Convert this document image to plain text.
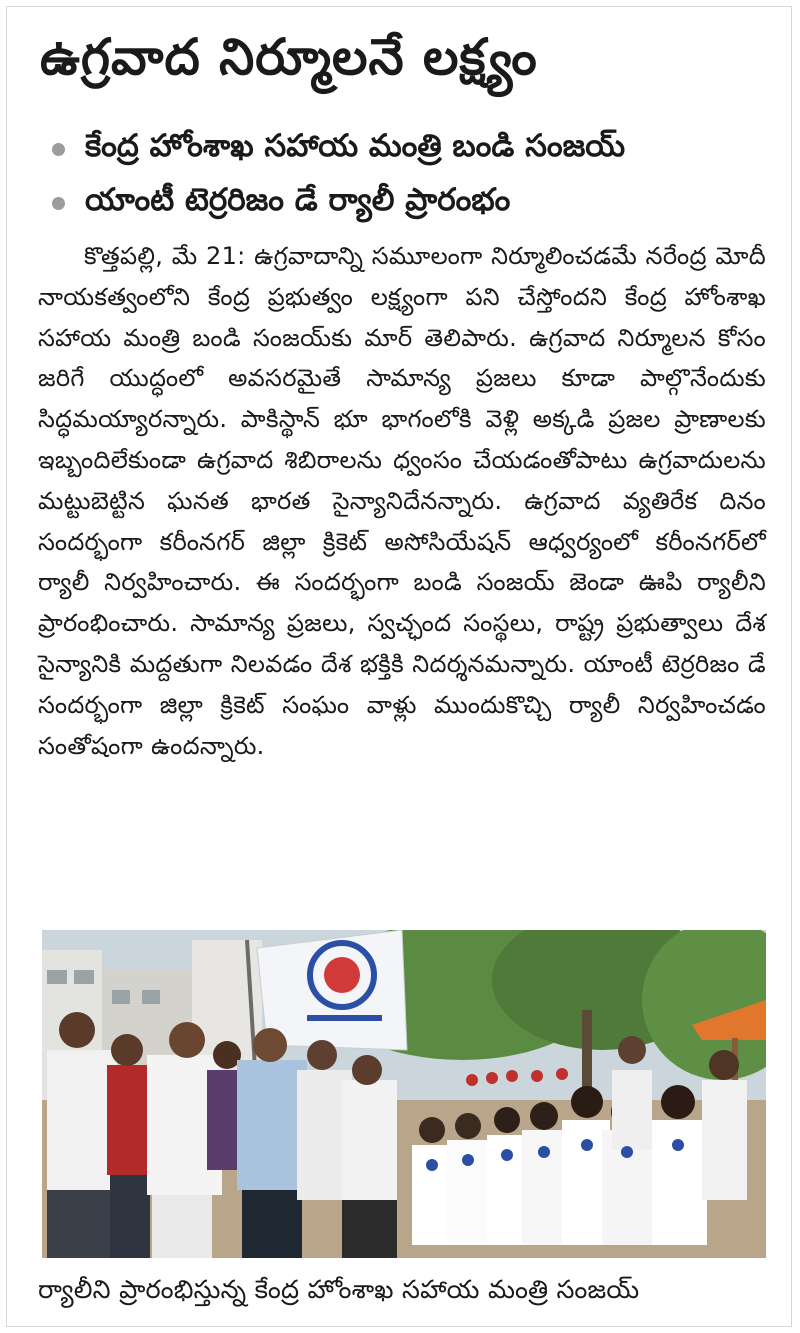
ఉగ్రవాద నిర్మూలనే లక్ష్యం
కేంద్ర హోంశాఖ సహాయ మంత్రి బండి సంజయ్
యాంటీ టెర్రరిజం డే ర్యాలీ ప్రారంభం

కొత్తపల్లి, మే 21: ఉగ్రవాదాన్ని సమూలంగా నిర్మూలించడమే నరేంద్ర మోదీ నాయకత్వంలోని కేంద్ర ప్రభుత్వం లక్ష్యంగా పని చేస్తోందని కేంద్ర హోంశాఖ సహాయ మంత్రి బండి సంజయ్‌కు మార్ తెలిపారు. ఉగ్రవాద నిర్మూలన కోసం జరిగే యుద్ధంలో అవసరమైతే సామాన్య ప్రజలు కూడా పాల్గొనేందుకు సిద్ధమయ్యారన్నారు. పాకిస్థాన్ భూ భాగంలోకి వెళ్లి అక్కడి ప్రజల ప్రాణాలకు ఇబ్బందిలేకుండా ఉగ్రవాద శిబిరాలను ధ్వంసం చేయడంతోపాటు ఉగ్రవాదులను మట్టుబెట్టిన ఘనత భారత సైన్యానిదేనన్నారు. ఉగ్రవాద వ్యతిరేక దినం సందర్భంగా కరీంనగర్ జిల్లా క్రికెట్ అసోసియేషన్ ఆధ్వర్యంలో కరీంనగర్‌లో ర్యాలీ నిర్వహించారు. ఈ సందర్భంగా బండి సంజయ్ జెండా ఊపి ర్యాలీని ప్రారంభించారు. సామాన్య ప్రజలు, స్వచ్ఛంద సంస్థలు, రాష్ట్ర ప్రభుత్వాలు దేశ సైన్యానికి మద్దతుగా నిలవడం దేశ భక్తికి నిదర్శనమన్నారు. యాంటీ టెర్రరిజం డే సందర్భంగా జిల్లా క్రికెట్ సంఘం వాళ్లు ముందుకొచ్చి ర్యాలీ నిర్వహించడం సంతోషంగా ఉందన్నారు.

ర్యాలీని ప్రారంభిస్తున్న కేంద్ర హోంశాఖ సహాయ మంత్రి సంజయ్
